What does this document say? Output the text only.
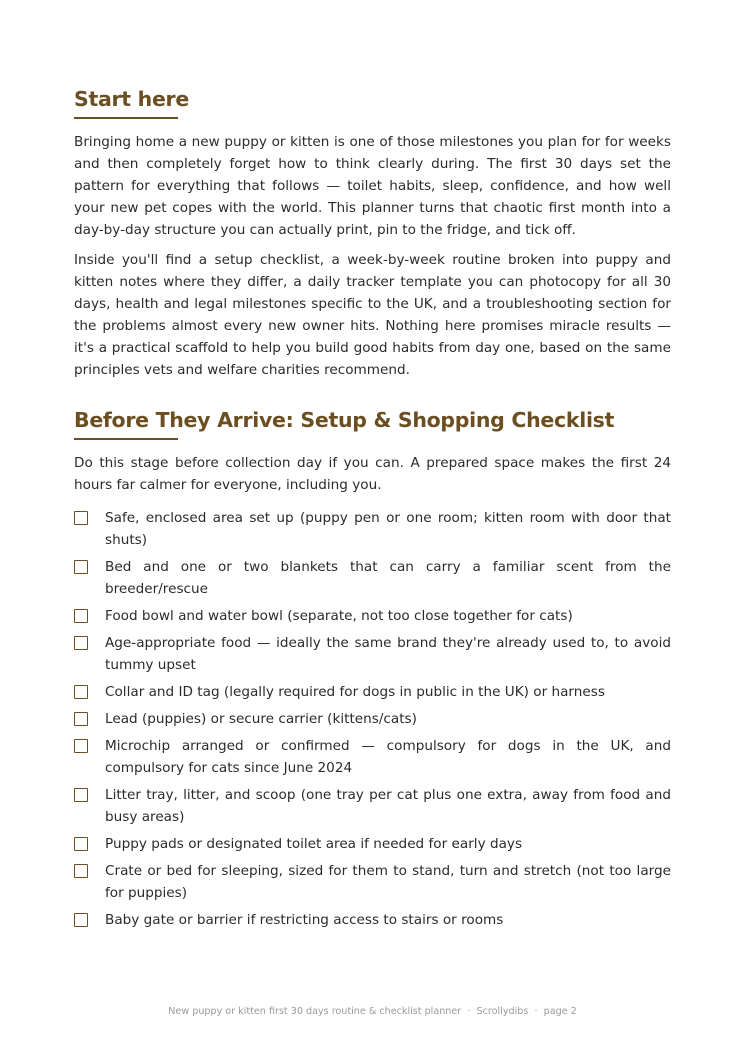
Start here

Bringing home a new puppy or kitten is one of those milestones you plan for for weeks and then completely forget how to think clearly during. The first 30 days set the pattern for everything that follows — toilet habits, sleep, confidence, and how well your new pet copes with the world. This planner turns that chaotic first month into a day-by-day structure you can actually print, pin to the fridge, and tick off.

Inside you'll find a setup checklist, a week-by-week routine broken into puppy and kitten notes where they differ, a daily tracker template you can photocopy for all 30 days, health and legal milestones specific to the UK, and a troubleshooting section for the problems almost every new owner hits. Nothing here promises miracle results — it's a practical scaffold to help you build good habits from day one, based on the same principles vets and welfare charities recommend.

Before They Arrive: Setup & Shopping Checklist

Do this stage before collection day if you can. A prepared space makes the first 24 hours far calmer for everyone, including you.

Safe, enclosed area set up (puppy pen or one room; kitten room with door that shuts)
Bed and one or two blankets that can carry a familiar scent from the breeder/rescue
Food bowl and water bowl (separate, not too close together for cats)
Age-appropriate food — ideally the same brand they're already used to, to avoid tummy upset
Collar and ID tag (legally required for dogs in public in the UK) or harness
Lead (puppies) or secure carrier (kittens/cats)
Microchip arranged or confirmed — compulsory for dogs in the UK, and compulsory for cats since June 2024
Litter tray, litter, and scoop (one tray per cat plus one extra, away from food and busy areas)
Puppy pads or designated toilet area if needed for early days
Crate or bed for sleeping, sized for them to stand, turn and stretch (not too large for puppies)
Baby gate or barrier if restricting access to stairs or rooms
New puppy or kitten first 30 days routine & checklist planner · Scrollydibs · page 2
